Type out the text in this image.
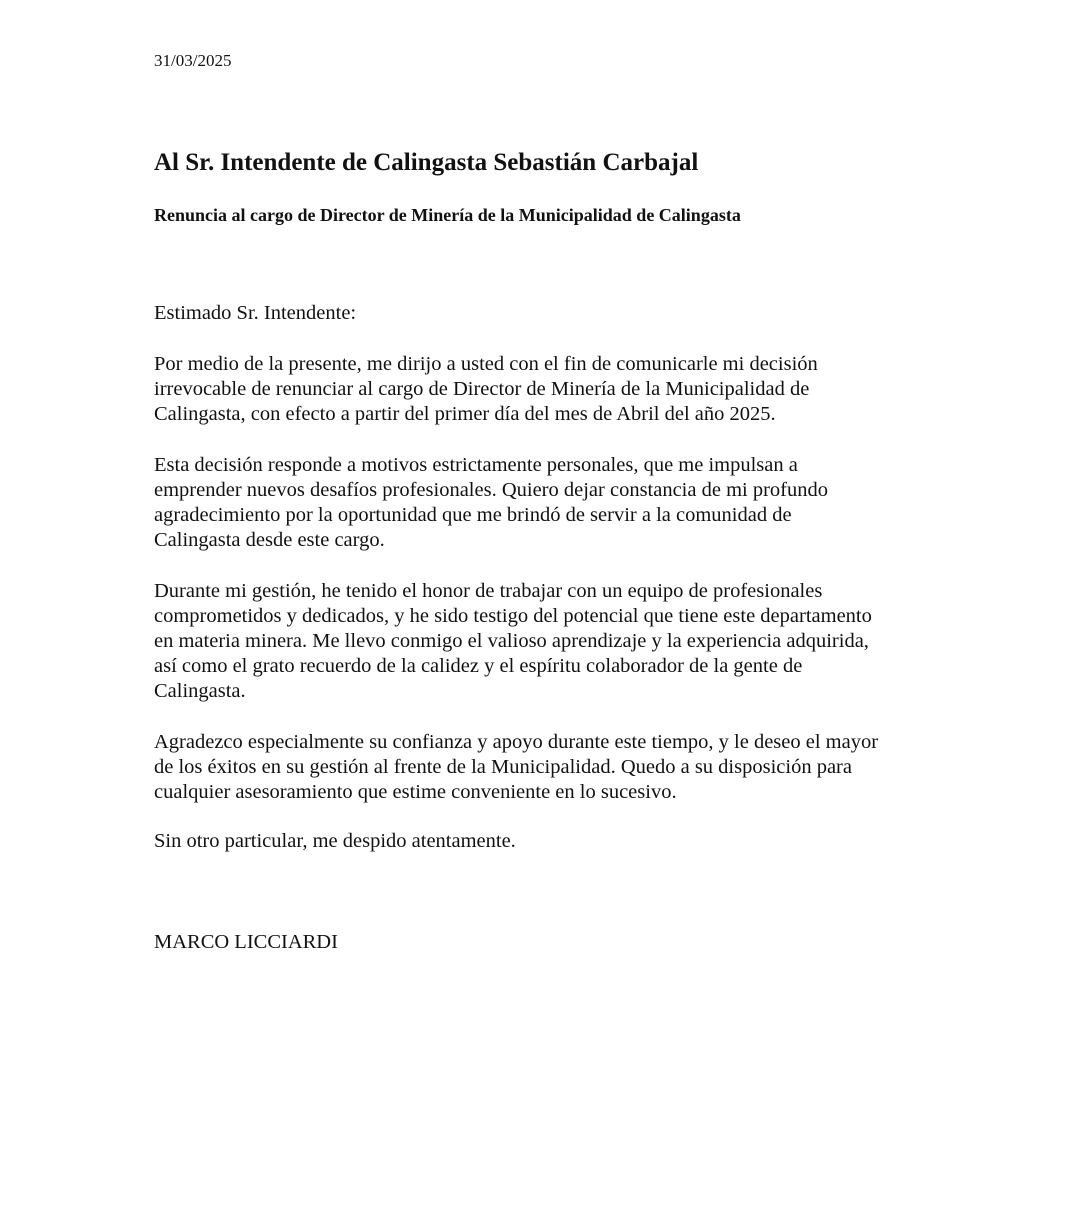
31/03/2025
Al Sr. Intendente de Calingasta Sebastián Carbajal
Renuncia al cargo de Director de Minería de la Municipalidad de Calingasta
Estimado Sr. Intendente:
Por medio de la presente, me dirijo a usted con el fin de comunicarle mi decisión
irrevocable de renunciar al cargo de Director de Minería de la Municipalidad de
Calingasta, con efecto a partir del primer día del mes de Abril del año 2025.
Esta decisión responde a motivos estrictamente personales, que me impulsan a
emprender nuevos desafíos profesionales. Quiero dejar constancia de mi profundo
agradecimiento por la oportunidad que me brindó de servir a la comunidad de
Calingasta desde este cargo.
Durante mi gestión, he tenido el honor de trabajar con un equipo de profesionales
comprometidos y dedicados, y he sido testigo del potencial que tiene este departamento
en materia minera. Me llevo conmigo el valioso aprendizaje y la experiencia adquirida,
así como el grato recuerdo de la calidez y el espíritu colaborador de la gente de
Calingasta.
Agradezco especialmente su confianza y apoyo durante este tiempo, y le deseo el mayor
de los éxitos en su gestión al frente de la Municipalidad. Quedo a su disposición para
cualquier asesoramiento que estime conveniente en lo sucesivo.
Sin otro particular, me despido atentamente.
MARCO LICCIARDI
